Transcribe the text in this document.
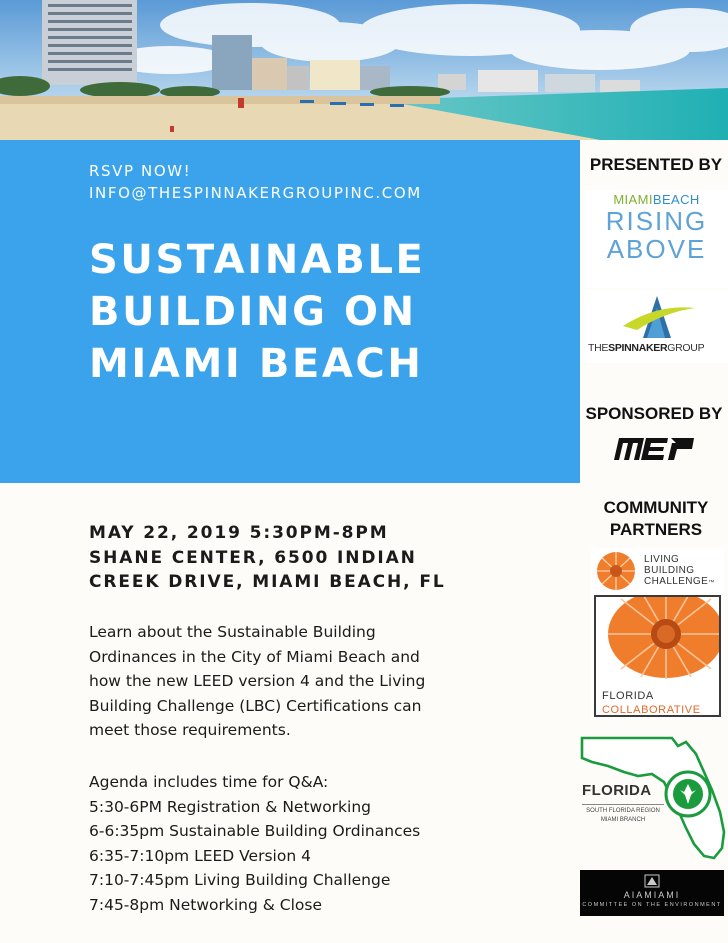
RSVP NOW!
INFO@THESPINNAKERGROUPINC.COM
SUSTAINABLE
BUILDING ON
MIAMI BEACH
MAY 22, 2019 5:30PM-8PM
SHANE CENTER, 6500 INDIAN
CREEK DRIVE, MIAMI BEACH, FL
Learn about the Sustainable Building
Ordinances in the City of Miami Beach and
how the new LEED version 4 and the Living
Building Challenge (LBC) Certifications can
meet those requirements.
Agenda includes time for Q&A:
5:30-6PM Registration & Networking
6-6:35pm Sustainable Building Ordinances
6:35-7:10pm LEED Version 4
7:10-7:45pm Living Building Challenge
7:45-8pm Networking & Close
PRESENTED BY
MIAMIBEACH
RISING
ABOVE
THESPINNAKERGROUP
SPONSORED BY
COMMUNITY
PARTNERS
LIVING
BUILDING
CHALLENGE™
FLORIDA
COLLABORATIVE
FLORIDA
SOUTH FLORIDA REGION
MIAMI BRANCH
AIAMIAMI
COMMITTEE ON THE ENVIRONMENT
